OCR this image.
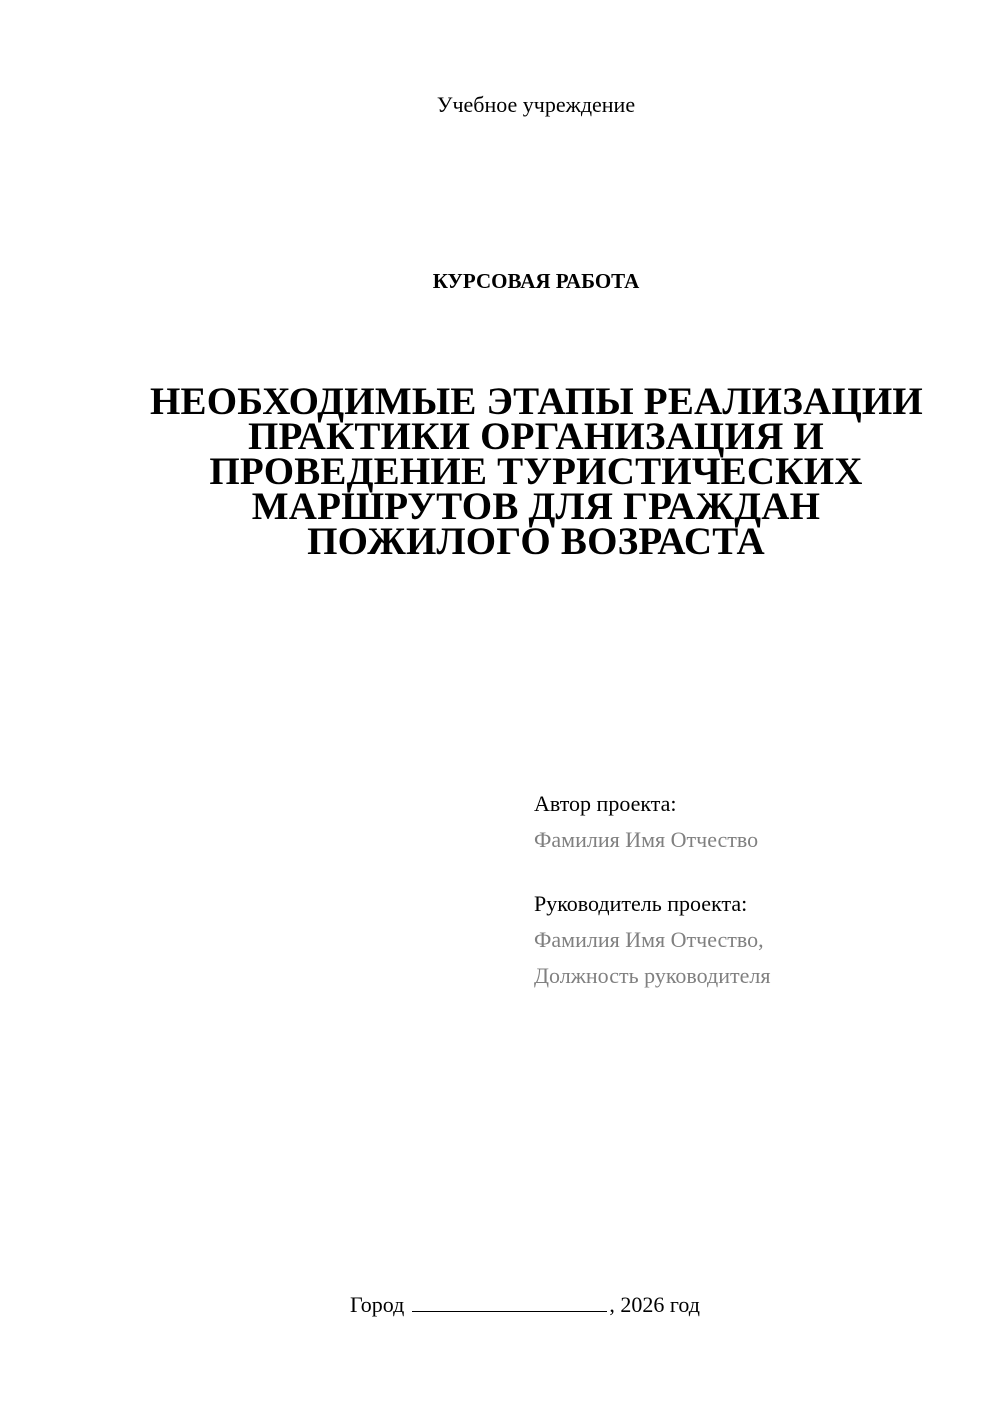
Учебное учреждение
КУРСОВАЯ РАБОТА
НЕОБХОДИМЫЕ ЭТАПЫ РЕАЛИЗАЦИИ
ПРАКТИКИ ОРГАНИЗАЦИЯ И
ПРОВЕДЕНИЕ ТУРИСТИЧЕСКИХ
МАРШРУТОВ ДЛЯ ГРАЖДАН
ПОЖИЛОГО ВОЗРАСТА
Автор проекта:
Фамилия Имя Отчество
Руководитель проекта:
Фамилия Имя Отчество,
Должность руководителя
Город	, 2026 год
